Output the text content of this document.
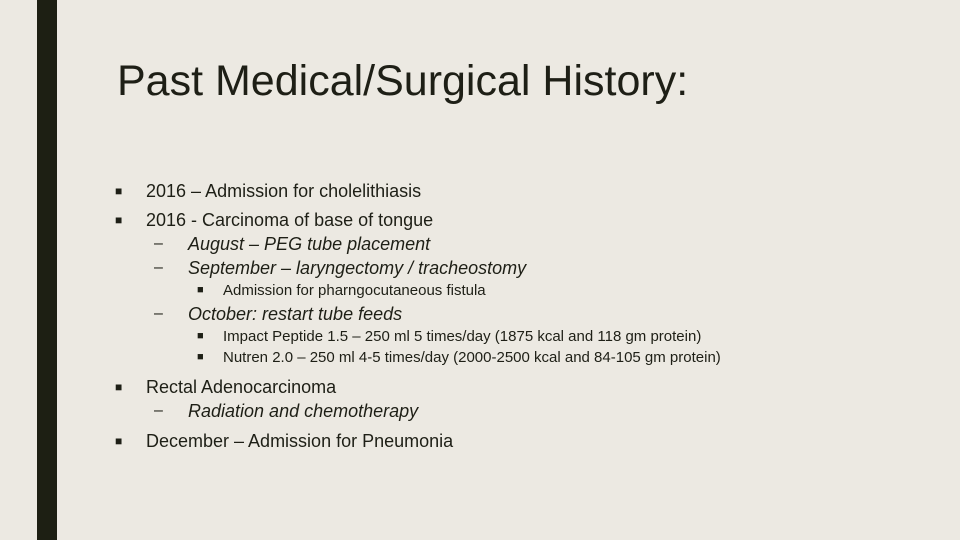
Past Medical/Surgical History:
■ 2016 – Admission for cholelithiasis
■ 2016 - Carcinoma of base of tongue
– August – PEG tube placement
– September – laryngectomy / tracheostomy
■ Admission for pharngocutaneous fistula
– October: restart tube feeds
■ Impact Peptide 1.5 – 250 ml 5 times/day (1875 kcal and 118 gm protein)
■ Nutren 2.0 – 250 ml 4-5 times/day (2000-2500 kcal and 84-105 gm protein)
■ Rectal Adenocarcinoma
– Radiation and chemotherapy
■ December – Admission for Pneumonia
